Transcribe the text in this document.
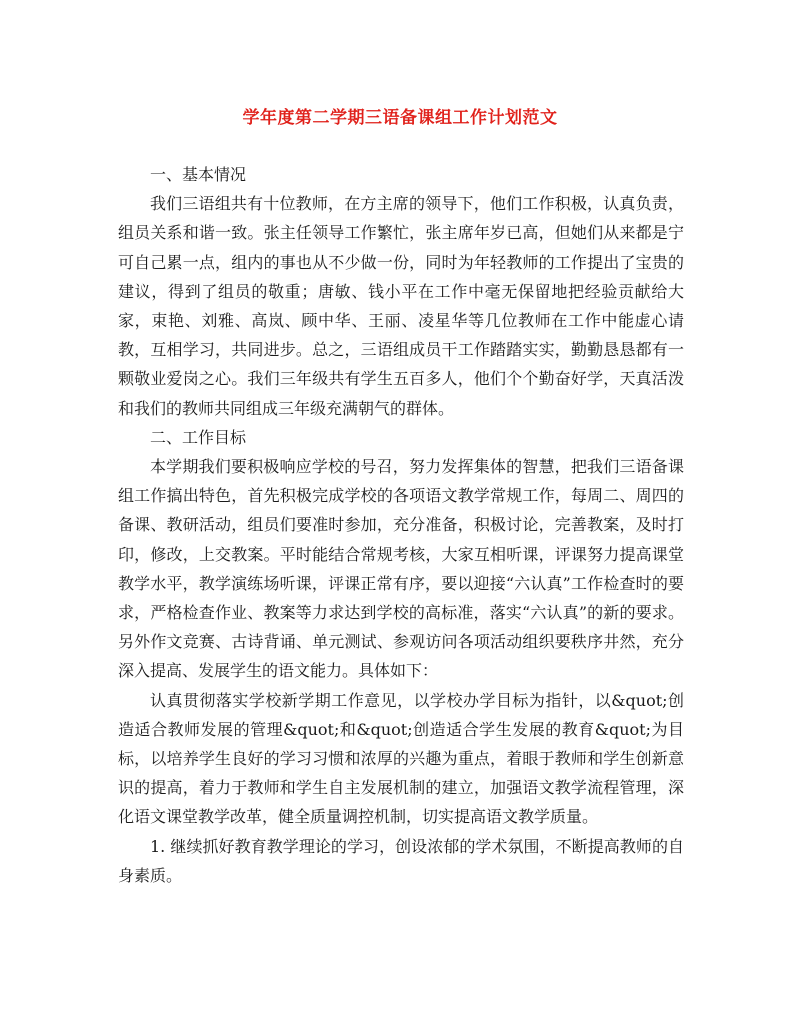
学年度第二学期三语备课组工作计划范文

一、基本情况

我们三语组共有十位教师，在方主席的领导下，他们工作积极，认真负责，组员关系和谐一致。张主任领导工作繁忙，张主席年岁已高，但她们从来都是宁可自己累一点，组内的事也从不少做一份，同时为年轻教师的工作提出了宝贵的建议，得到了组员的敬重；唐敏、钱小平在工作中毫无保留地把经验贡献给大家，束艳、刘雅、高岚、顾中华、王丽、凌星华等几位教师在工作中能虚心请教，互相学习，共同进步。总之，三语组成员干工作踏踏实实，勤勤恳恳都有一颗敬业爱岗之心。我们三年级共有学生五百多人，他们个个勤奋好学，天真活泼和我们的教师共同组成三年级充满朝气的群体。

二、工作目标

本学期我们要积极响应学校的号召，努力发挥集体的智慧，把我们三语备课组工作搞出特色，首先积极完成学校的各项语文教学常规工作，每周二、周四的备课、教研活动，组员们要准时参加，充分准备，积极讨论，完善教案，及时打印，修改，上交教案。平时能结合常规考核，大家互相听课，评课努力提高课堂教学水平，教学演练场听课，评课正常有序，要以迎接“六认真”工作检查时的要求，严格检查作业、教案等力求达到学校的高标准，落实“六认真”的新的要求。另外作文竞赛、古诗背诵、单元测试、参观访问各项活动组织要秩序井然，充分深入提高、发展学生的语文能力。具体如下：

认真贯彻落实学校新学期工作意见，以学校办学目标为指针，以&quot;创造适合教师发展的管理&quot;和&quot;创造适合学生发展的教育&quot;为目标，以培养学生良好的学习习惯和浓厚的兴趣为重点，着眼于教师和学生创新意识的提高，着力于教师和学生自主发展机制的建立，加强语文教学流程管理，深化语文课堂教学改革，健全质量调控机制，切实提高语文教学质量。

1. 继续抓好教育教学理论的学习，创设浓郁的学术氛围，不断提高教师的自身素质。
